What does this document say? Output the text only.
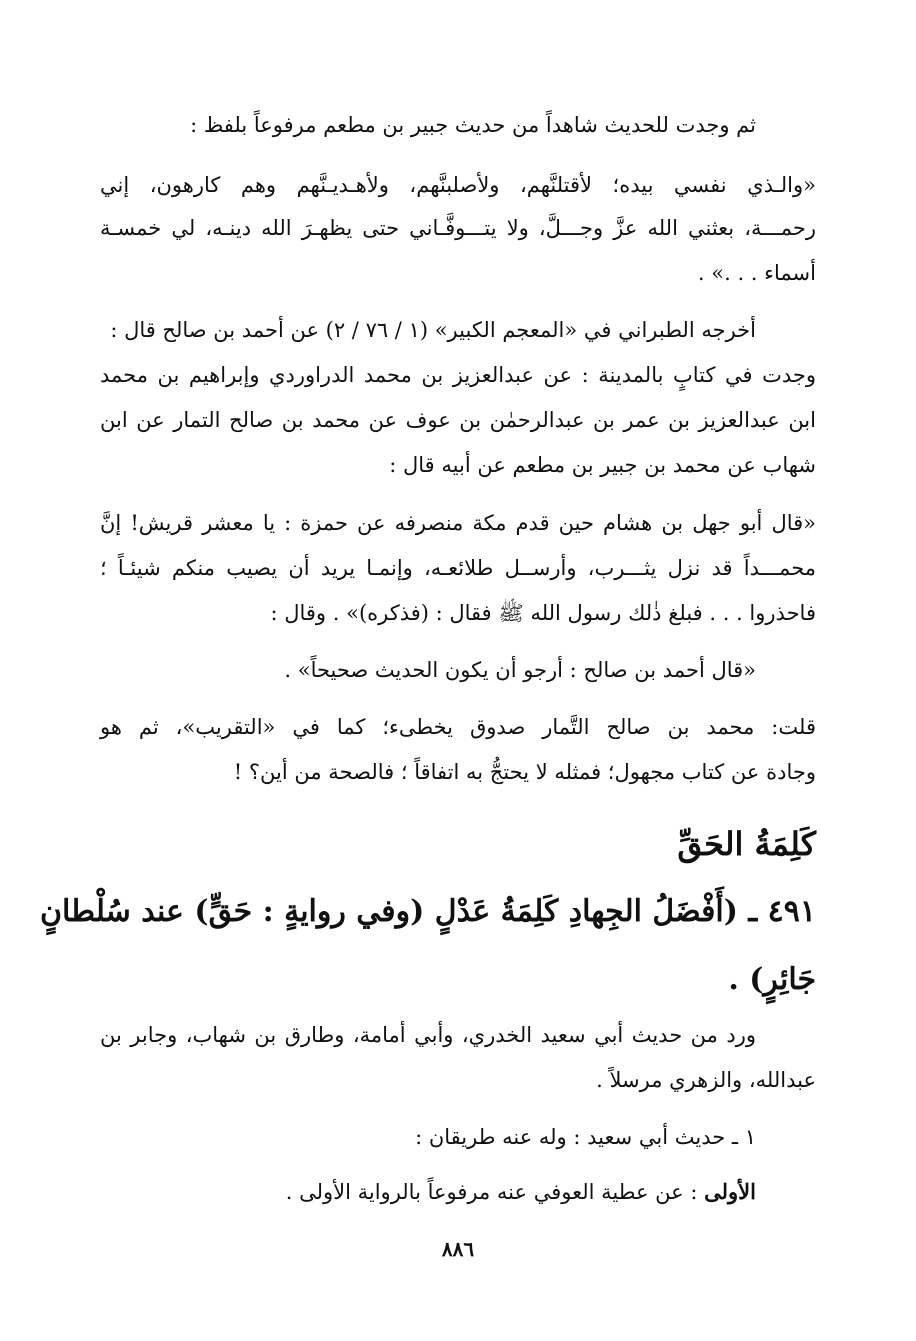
ثم وجدت للحديث شاهداً من حديث جبير بن مطعم مرفوعاً بلفظ :
«والـذي نفسي بيده؛ لأقتلنَّهم، ولأصلبنَّهم، ولأهـديـنَّهم وهم كارهون، إني
رحمـــة، بعثني الله عزَّ وجـــلَّ، ولا يتـــوفَّـاني حتى يظهـرَ الله دينـه، لي خمسـة
أسماء . . .» .
أخرجه الطبراني في «المعجم الكبير» (١ / ٧٦ / ٢) عن أحمد بن صالح قال :
وجدت في كتابٍ بالمدينة : عن عبدالعزيز بن محمد الدراوردي وإبراهيم بن محمد
ابن عبدالعزيز بن عمر بن عبدالرحمٰن بن عوف عن محمد بن صالح التمار عن ابن
شهاب عن محمد بن جبير بن مطعم عن أبيه قال :
«قال أبو جهل بن هشام حين قدم مكة منصرفه عن حمزة : يا معشر قريش! إنَّ
محمـــداً قد نزل يثـــرب، وأرســل طلائعـه، وإنمـا يريد أن يصيب منكم شيئـاً ؛
فاحذروا . . . فبلغ ذٰلك رسول الله ﷺ فقال : (فذكره)» . وقال :
«قال أحمد بن صالح : أرجو أن يكون الحديث صحيحاً» .
قلت: محمد بن صالح التَّمار صدوق يخطىء؛ كما في «التقريب»، ثم هو
وجادة عن كتاب مجهول؛ فمثله لا يحتجُّ به اتفاقاً ؛ فالصحة من أين؟ !
كَلِمَةُ الحَقِّ
٤٩١ ـ (أَفْضَلُ الجِهادِ كَلِمَةُ عَدْلٍ (وفي روايةٍ : حَقٍّ) عند سُلْطانٍ
جَائِرٍ) .
ورد من حديث أبي سعيد الخدري، وأبي أمامة، وطارق بن شهاب، وجابر بن
عبدالله، والزهري مرسلاً .
١ ـ حديث أبي سعيد : وله عنه طريقان :
الأولى : عن عطية العوفي عنه مرفوعاً بالرواية الأولى .
٨٨٦
